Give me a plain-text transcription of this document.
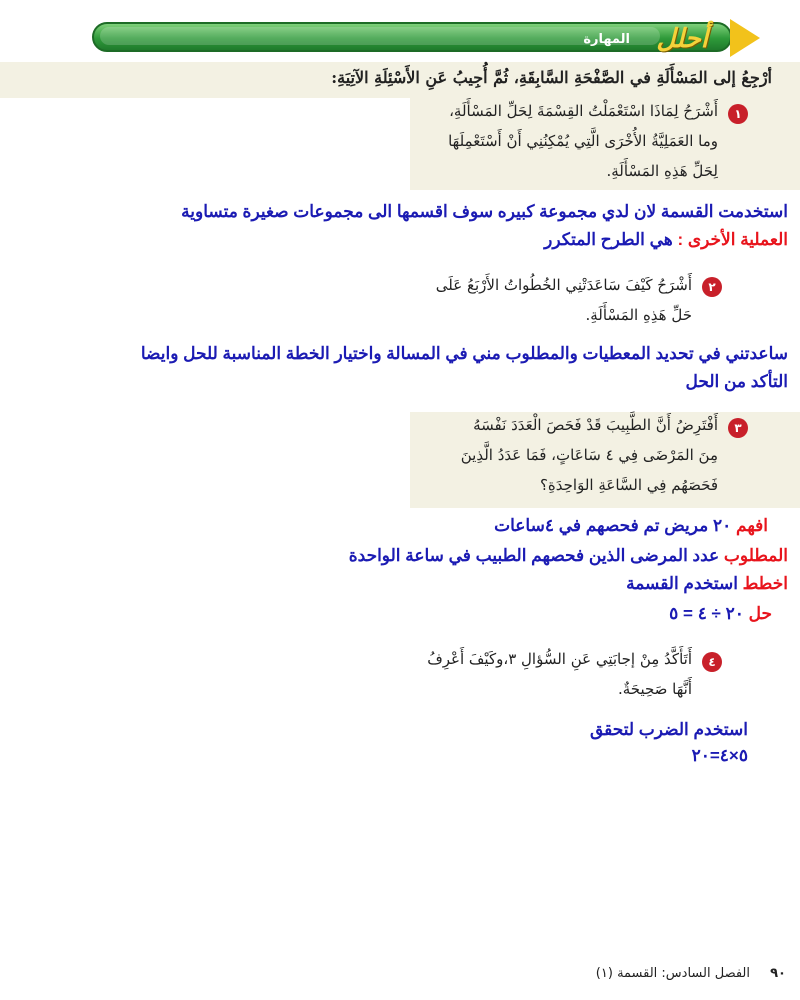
أحلل
المهارة
أرْجِعُ إلى المَسْأَلَةِ في الصَّفْحَةِ السَّابِقَةِ، ثُمَّ أُجِيبُ عَنِ الأَسْئِلَةِ الآتِيَةِ:
١
أَشْرَحُ لِمَاذَا اسْتَعْمَلْتُ القِسْمَةَ لِحَلِّ المَسْأَلَةِ،
وما العَمَلِيَّةُ الأُخْرَى الَّتِي يُمْكِنُنِي أَنْ أَسْتَعْمِلَهَا
لِحَلِّ هَذِهِ المَسْأَلَةِ.
استخدمت القسمة لان لدي مجموعة كبيره سوف اقسمها الى مجموعات صغيرة متساوية
العملية الأخرى : هي الطرح المتكرر
٢
أَشْرَحُ كَيْفَ سَاعَدَتْنِي الخُطُواتُ الأَرْبَعُ عَلَى
حَلِّ هَذِهِ المَسْأَلَةِ.
ساعدتني في تحديد المعطيات والمطلوب مني في المسالة واختيار الخطة المناسبة للحل وايضا
التأكد من الحل
٣
أَفْتَرِضُ أَنَّ الطَّبِيبَ قَدْ فَحَصَ الْعَدَدَ نَفْسَهُ
مِنَ المَرْضَى فِي ٤ سَاعَاتٍ، فَمَا عَدَدُ الَّذِينَ
فَحَصَهُم فِي السَّاعَةِ الوَاحِدَةِ؟
افهم ٢٠ مريض تم فحصهم في ٤ساعات
المطلوب عدد المرضى الذين فحصهم الطبيب في ساعة الواحدة
اخطط استخدم القسمة
حل ٢٠ ÷ ٤ = ٥
٤
أَتَأَكَّدُ مِنْ إجابَتِي عَنِ السُّؤالِ ٣،وكَيْفَ أَعْرِفُ
أَنَّهَا صَحِيحَةٌ.
استخدم الضرب لتحقق
٥×٤=٢٠
٩٠
الفصل السادس: القسمة (١)
